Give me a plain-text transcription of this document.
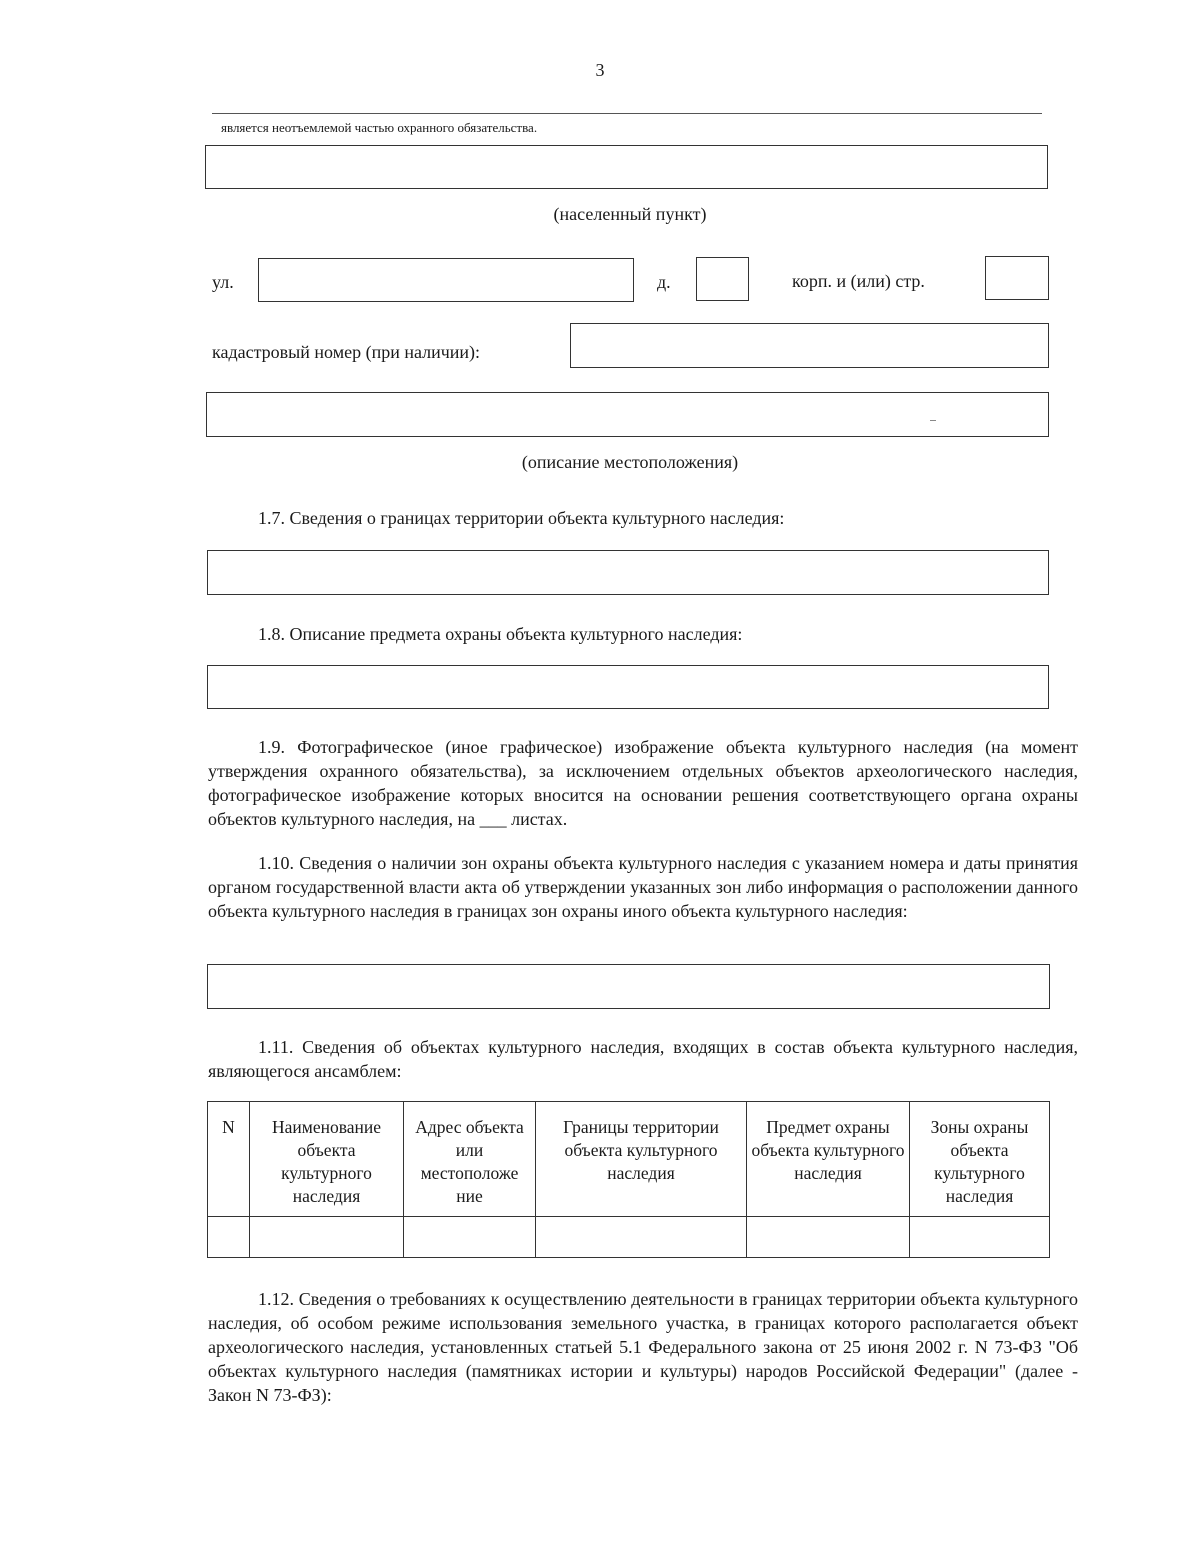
3
является неотъемлемой частью охранного обязательства.
(населенный пункт)
ул.	д.	корп. и (или) стр.
кадастровый номер (при наличии):
(описание местоположения)
1.7. Сведения о границах территории объекта культурного наследия:
1.8. Описание предмета охраны объекта культурного наследия:
1.9. Фотографическое (иное графическое) изображение объекта культурного наследия (на момент утверждения охранного обязательства), за исключением отдельных объектов археологического наследия, фотографическое изображение которых вносится на основании решения соответствующего органа охраны объектов культурного наследия, на ___ листах.
1.10. Сведения о наличии зон охраны объекта культурного наследия с указанием номера и даты принятия органом государственной власти акта об утверждении указанных зон либо информация о расположении данного объекта культурного наследия в границах зон охраны иного объекта культурного наследия:
1.11. Сведения об объектах культурного наследия, входящих в состав объекта культурного наследия, являющегося ансамблем:
N	Наименование объекта культурного наследия	Адрес объекта или местоположе ние	Границы территории объекта культурного наследия	Предмет охраны объекта культурного наследия	Зоны охраны объекта культурного наследия

1.12. Сведения о требованиях к осуществлению деятельности в границах территории объекта культурного наследия, об особом режиме использования земельного участка, в границах которого располагается объект археологического наследия, установленных статьей 5.1 Федерального закона от 25 июня 2002 г. N 73-ФЗ "Об объектах культурного наследия (памятниках истории и культуры) народов Российской Федерации" (далее - Закон N 73-ФЗ):
